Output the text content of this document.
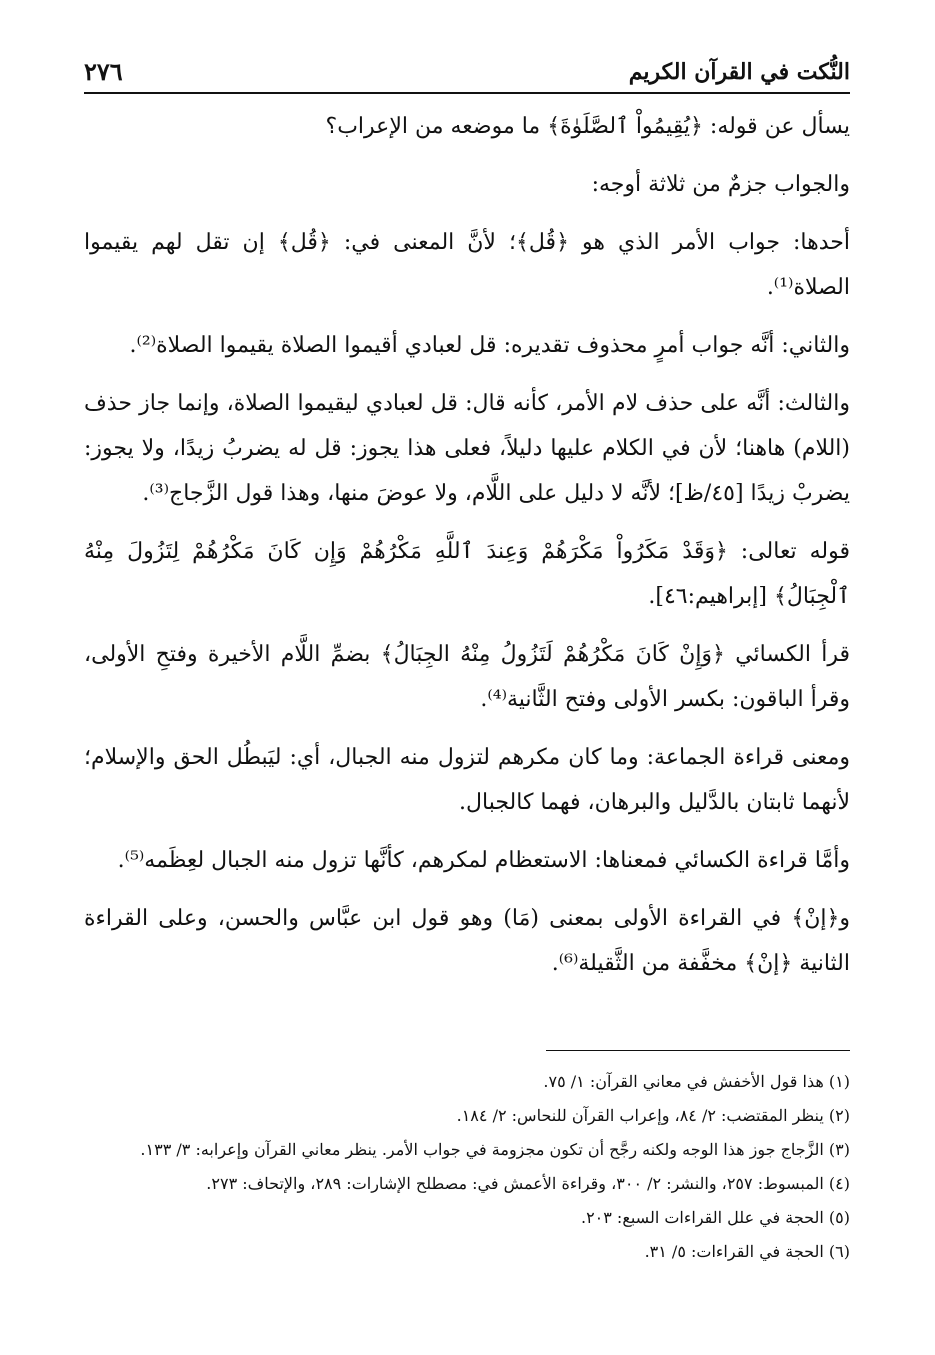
النُّكت في القرآن الكريم
٢٧٦

يسأل عن قوله: ﴿يُقِيمُواْ ٱلصَّلَوٰةَ﴾ ما موضعه من الإعراب؟

والجواب جزمٌ من ثلاثة أوجه:

أحدها: جواب الأمر الذي هو ﴿قُل﴾؛ لأنَّ المعنى في: ﴿قُل﴾ إن تقل لهم يقيموا الصلاة⁽¹⁾.

والثاني: أنَّه جواب أمرٍ محذوف تقديره: قل لعبادي أقيموا الصلاة يقيموا الصلاة⁽²⁾.

والثالث: أنَّه على حذف لام الأمر، كأنه قال: قل لعبادي ليقيموا الصلاة، وإنما جاز حذف (اللام) هاهنا؛ لأن في الكلام عليها دليلاً، فعلى هذا يجوز: قل له يضربُ زيدًا، ولا يجوز: يضربْ زيدًا [٤٥/ظ]؛ لأنَّه لا دليل على اللَّام، ولا عوضَ منها، وهذا قول الزَّجاج⁽³⁾.

قوله تعالى: ﴿وَقَدْ مَكَرُواْ مَكْرَهُمْ وَعِندَ ٱللَّهِ مَكْرُهُمْ وَإِن كَانَ مَكْرُهُمْ لِتَزُولَ مِنْهُ ٱلْجِبَالُ﴾ [إبراهيم:٤٦].

قرأ الكسائي ﴿وَإِنْ كَانَ مَكْرُهُمْ لَتَزُولُ مِنْهُ الجِبَالُ﴾ بضمِّ اللَّام الأخيرة وفتحِ الأولى، وقرأ الباقون: بكسر الأولى وفتح الثَّانية⁽⁴⁾.

ومعنى قراءة الجماعة: وما كان مكرهم لتزول منه الجبال، أي: ليَبطُل الحق والإسلام؛ لأنهما ثابتان بالدَّليل والبرهان، فهما كالجبال.

وأمَّا قراءة الكسائي فمعناها: الاستعظام لمكرهم، كأنَّها تزول منه الجبال لعِظَمه⁽⁵⁾.

و﴿إنْ﴾ في القراءة الأولى بمعنى (مَا) وهو قول ابن عبَّاس والحسن، وعلى القراءة الثانية ﴿إنْ﴾ مخفَّفة من الثَّقيلة⁽⁶⁾.

(١) هذا قول الأخفش في معاني القرآن: ١/ ٧٥.

(٢) ينظر المقتضب: ٢/ ٨٤، وإعراب القرآن للنحاس: ٢/ ١٨٤.

(٣) الزَّجاج جوز هذا الوجه ولكنه رجَّح أن تكون مجزومة في جواب الأمر. ينظر معاني القرآن وإعرابه: ٣/ ١٣٣.

(٤) المبسوط: ٢٥٧، والنشر: ٢/ ٣٠٠، وقراءة الأعمش في: مصطلح الإشارات: ٢٨٩، والإتحاف: ٢٧٣.

(٥) الحجة في علل القراءات السبع: ٢٠٣.

(٦) الحجة في القراءات: ٥/ ٣١.
